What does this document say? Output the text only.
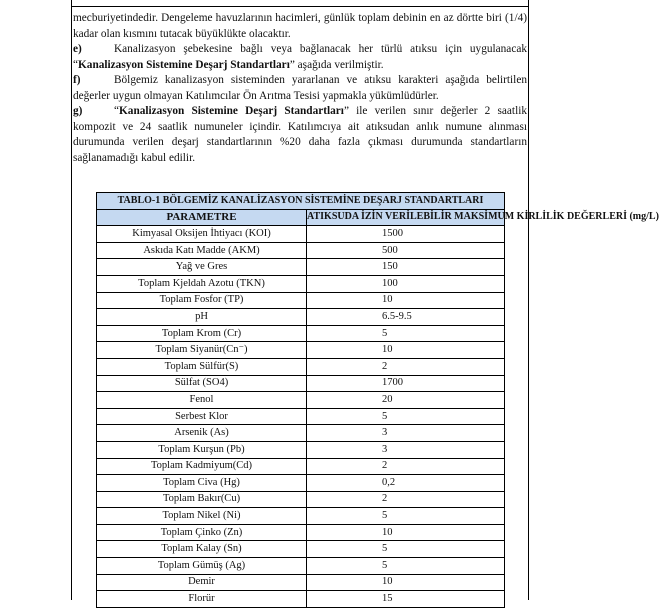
mecburiyetindedir. Dengeleme havuzlarının hacimleri, günlük toplam debinin en az dörtte biri (1/4) kadar olan kısmını tutacak büyüklükte olacaktır.

e)	Kanalizasyon şebekesine bağlı veya bağlanacak her türlü atıksu için uygulanacak “Kanalizasyon Sistemine Deşarj Standartları” aşağıda verilmiştir.

f)	Bölgemiz kanalizasyon sisteminden yararlanan ve atıksu karakteri aşağıda belirtilen değerler uygun olmayan Katılımcılar Ön Arıtma Tesisi yapmakla yükümlüdürler.

g)	“Kanalizasyon Sistemine Deşarj Standartları” ile verilen sınır değerler 2 saatlik kompozit ve 24 saatlik numuneler içindir. Katılımcıya ait atıksudan anlık numune alınması durumunda verilen deşarj standartlarının %20 daha fazla çıkması durumunda standartların sağlanamadığı kabul edilir.

TABLO-1 BÖLGEMİZ KANALİZASYON SİSTEMİNE DEŞARJ STANDARTLARI	
PARAMETRE	ATIKSUDA İZİN VERİLEBİLİR MAKSİMUM KİRLİLİK DEĞERLERİ (mg/L)
Kimyasal Oksijen İhtiyacı (KOI)	1500
Askıda Katı Madde (AKM)	500
Yağ ve Gres	150
Toplam Kjeldah Azotu (TKN)	100
Toplam Fosfor (TP)	10
pH	6.5-9.5
Toplam Krom (Cr)	5
Toplam Siyanür(Cn⁻)	10
Toplam Sülfür(S)	2
Sülfat (SO4)	1700
Fenol	20
Serbest Klor	5
Arsenik (As)	3
Toplam Kurşun (Pb)	3
Toplam Kadmiyum(Cd)	2
Toplam Civa (Hg)	0,2
Toplam Bakır(Cu)	2
Toplam Nikel (Ni)	5
Toplam Çinko (Zn)	10
Toplam Kalay (Sn)	5
Toplam Gümüş (Ag)	5
Demir	10
Florür	15
